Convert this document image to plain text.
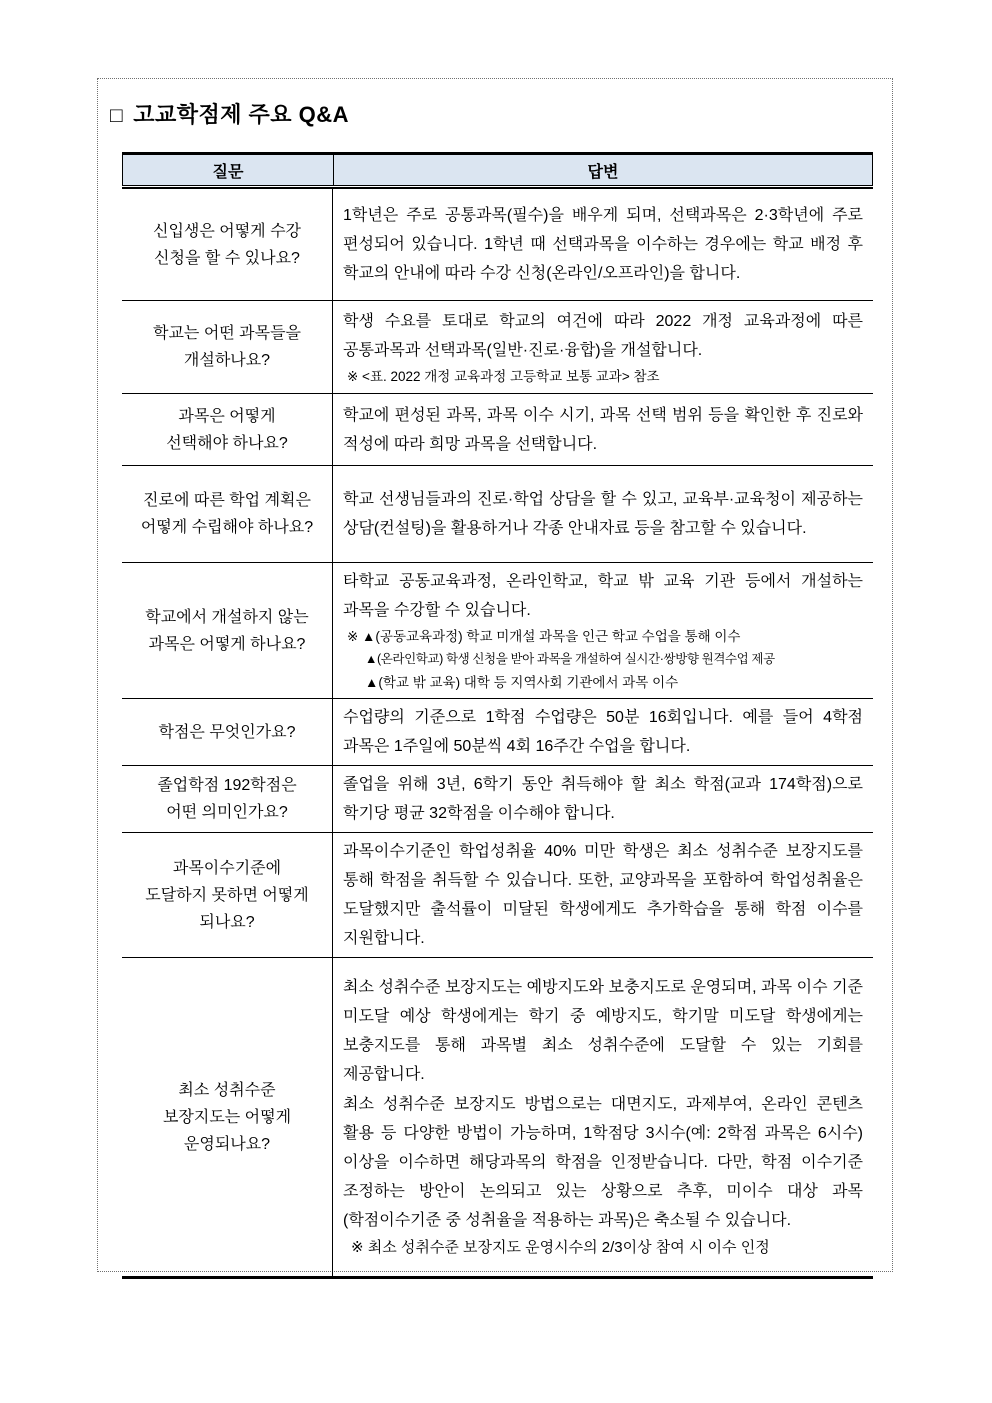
□ 고교학점제 주요 Q&A
질문	답변
신입생은 어떻게 수강
신청을 할 수 있나요?
1학년은 주로 공통과목(필수)을 배우게 되며, 선택과목은 2·3학년에 주로 편성되어 있습니다. 1학년 때 선택과목을 이수하는 경우에는 학교 배정 후 학교의 안내에 따라 수강 신청(온라인/오프라인)을 합니다.
학교는 어떤 과목들을
개설하나요?
학생 수요를 토대로 학교의 여건에 따라 2022 개정 교육과정에 따른 공통과목과 선택과목(일반·진로·융합)을 개설합니다.
※ <표. 2022 개정 교육과정 고등학교 보통 교과> 참조
과목은 어떻게
선택해야 하나요?
학교에 편성된 과목, 과목 이수 시기, 과목 선택 범위 등을 확인한 후 진로와 적성에 따라 희망 과목을 선택합니다.
진로에 따른 학업 계획은
어떻게 수립해야 하나요?
학교 선생님들과의 진로·학업 상담을 할 수 있고, 교육부·교육청이 제공하는 상담(컨설팅)을 활용하거나 각종 안내자료 등을 참고할 수 있습니다.
학교에서 개설하지 않는
과목은 어떻게 하나요?
타학교 공동교육과정, 온라인학교, 학교 밖 교육 기관 등에서 개설하는 과목을 수강할 수 있습니다.
※ ▲(공동교육과정) 학교 미개설 과목을 인근 학교 수업을 통해 이수
▲(온라인학교) 학생 신청을 받아 과목을 개설하여 실시간·쌍방향 원격수업 제공
▲(학교 밖 교육) 대학 등 지역사회 기관에서 과목 이수
학점은 무엇인가요?
수업량의 기준으로 1학점 수업량은 50분 16회입니다. 예를 들어 4학점 과목은 1주일에 50분씩 4회 16주간 수업을 합니다.
졸업학점 192학점은
어떤 의미인가요?
졸업을 위해 3년, 6학기 동안 취득해야 할 최소 학점(교과 174학점)으로 학기당 평균 32학점을 이수해야 합니다.
과목이수기준에
도달하지 못하면 어떻게
되나요?
과목이수기준인 학업성취율 40% 미만 학생은 최소 성취수준 보장지도를 통해 학점을 취득할 수 있습니다. 또한, 교양과목을 포함하여 학업성취율은 도달했지만 출석률이 미달된 학생에게도 추가학습을 통해 학점 이수를 지원합니다.
최소 성취수준
보장지도는 어떻게
운영되나요?
최소 성취수준 보장지도는 예방지도와 보충지도로 운영되며, 과목 이수 기준 미도달 예상 학생에게는 학기 중 예방지도, 학기말 미도달 학생에게는 보충지도를 통해 과목별 최소 성취수준에 도달할 수 있는 기회를 제공합니다.
최소 성취수준 보장지도 방법으로는 대면지도, 과제부여, 온라인 콘텐츠 활용 등 다양한 방법이 가능하며, 1학점당 3시수(예: 2학점 과목은 6시수)이상을 이수하면 해당과목의 학점을 인정받습니다. 다만, 학점 이수기준 조정하는 방안이 논의되고 있는 상황으로 추후, 미이수 대상 과목(학점이수기준 중 성취율을 적용하는 과목)은 축소될 수 있습니다.
※ 최소 성취수준 보장지도 운영시수의 2/3이상 참여 시 이수 인정
